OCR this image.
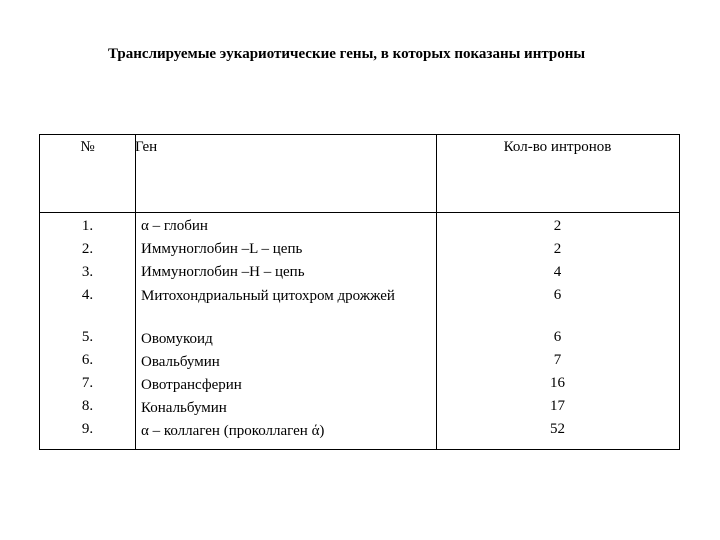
Транслируемые эукариотические гены, в которых показаны интроны
№	Ген	Кол-во интронов
1.
2.
3.
4.
5.
6.
7.
8.
9.
α – глобин
Иммуноглобин –L – цепь
Иммуноглобин –H – цепь
Митохондриальный цитохром дрожжей
Овомукоид
Овальбумин
Овотрансферин
Кональбумин
α – коллаген (проколлаген ά)
2
2
4
6
6
7
16
17
52
